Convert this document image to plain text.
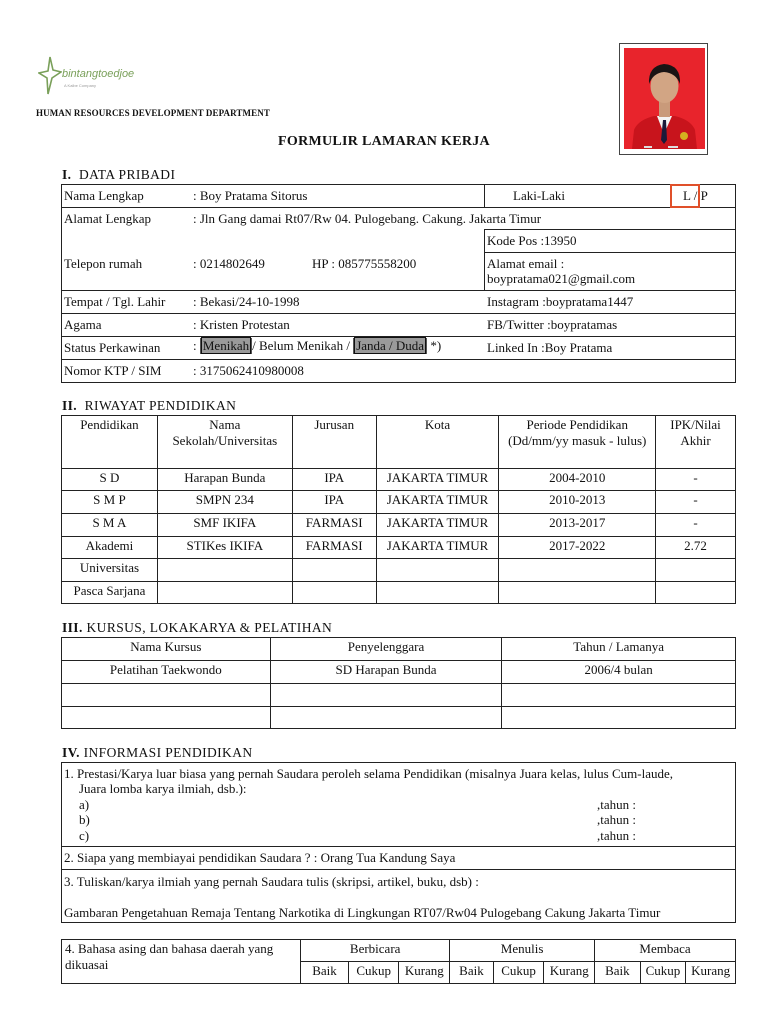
bintangtoedjoe
A Kalbe Company
HUMAN RESOURCES DEVELOPMENT DEPARTMENT
FORMULIR LAMARAN KERJA
I. DATA PRIBADI
Nama Lengkap	: Boy Pratama Sitorus	Laki-Laki	L / P
Alamat Lengkap	: Jln Gang damai Rt07/Rw 04. Pulogebang. Cakung. Jakarta Timur
Kode Pos :13950
Telepon rumah	: 0214802649	HP : 085775558200	Alamat email :
boypratama021@gmail.com
Tempat / Tgl. Lahir : Bekasi/24-10-1998	Instagram :boypratama1447
Agama	: Kristen Protestan	FB/Twitter :boypratamas
Status Perkawinan	: Menikah / Belum Menikah / Janda / Duda *)	Linked In :Boy Pratama
Nomor KTP / SIM : 3175062410980008
II. RIWAYAT PENDIDIKAN
Pendidikan	Nama Sekolah/Universitas	Jurusan	Kota	Periode Pendidikan (Dd/mm/yy masuk - lulus)	IPK/Nilai Akhir
S D	Harapan Bunda	IPA	JAKARTA TIMUR	2004-2010	-
S M P	SMPN 234	IPA	JAKARTA TIMUR	2010-2013	-
S M A	SMF IKIFA	FARMASI	JAKARTA TIMUR	2013-2017	-
Akademi	STIKes IKIFA	FARMASI	JAKARTA TIMUR	2017-2022	2.72
Universitas					
Pasca Sarjana					
III. KURSUS, LOKAKARYA & PELATIHAN
Nama Kursus	Penyelenggara	Tahun / Lamanya
Pelatihan Taekwondo	SD Harapan Bunda	2006/4 bulan

IV. INFORMASI PENDIDIKAN
1. Prestasi/Karya luar biasa yang pernah Saudara peroleh selama Pendidikan (misalnya Juara kelas, lulus Cum-laude,
Juara lomba karya ilmiah, dsb.):
a)
b)
c)
,tahun :
,tahun :
,tahun :
2. Siapa yang membiayai pendidikan Saudara ? : Orang Tua Kandung Saya
3. Tuliskan/karya ilmiah yang pernah Saudara tulis (skripsi, artikel, buku, dsb) :
Gambaran Pengetahuan Remaja Tentang Narkotika di Lingkungan RT07/Rw04 Pulogebang Cakung Jakarta Timur
4. Bahasa asing dan bahasa daerah yang dikuasai	Berbicara			Menulis			Membaca		
	Baik	Cukup	Kurang	Baik	Cukup	Kurang	Baik	Cukup	Kurang
